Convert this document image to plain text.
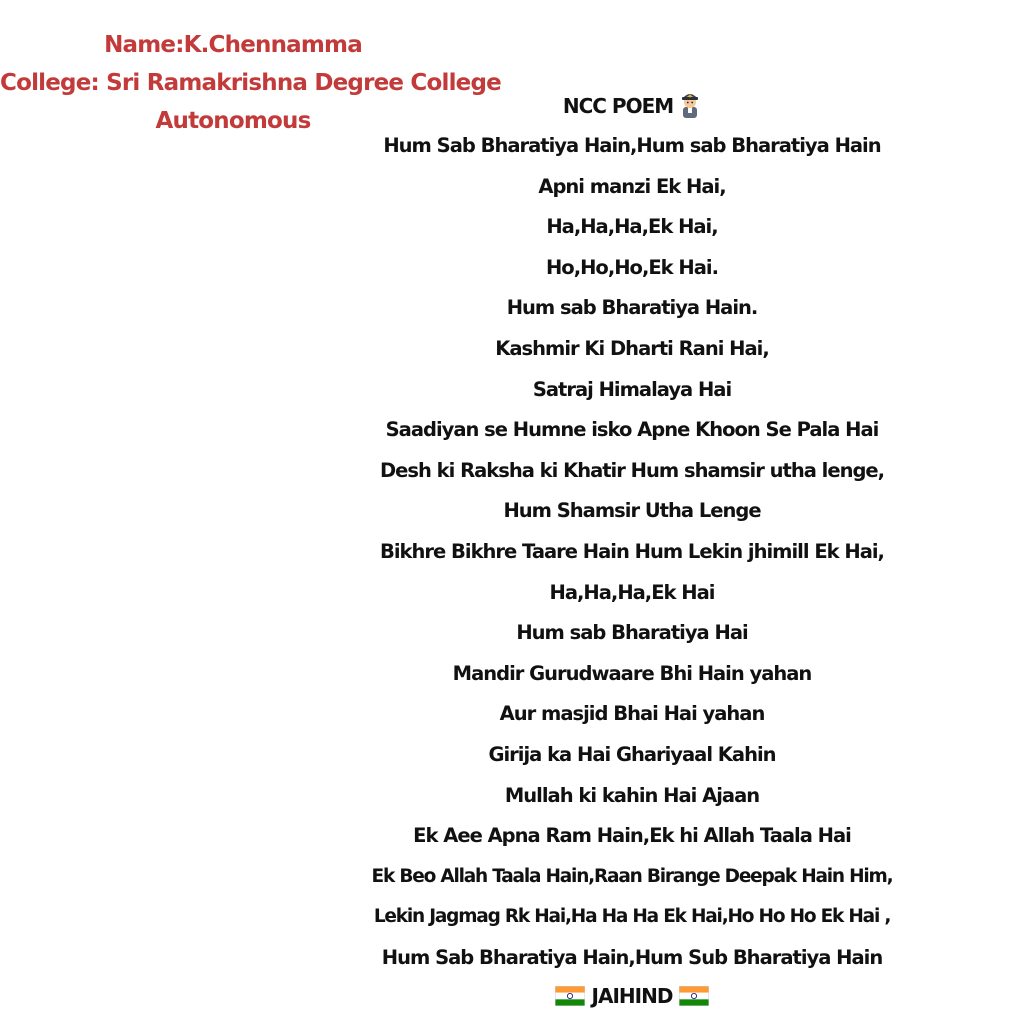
Name:K.Chennamma
College: Sri Ramakrishna Degree College
Autonomous
NCC POEM
Hum Sab Bharatiya Hain,Hum sab Bharatiya Hain
Apni manzi Ek Hai,
Ha,Ha,Ha,Ek Hai,
Ho,Ho,Ho,Ek Hai.
Hum sab Bharatiya Hain.
Kashmir Ki Dharti Rani Hai,
Satraj Himalaya Hai
Saadiyan se Humne isko Apne Khoon Se Pala Hai
Desh ki Raksha ki Khatir Hum shamsir utha lenge,
Hum Shamsir Utha Lenge
Bikhre Bikhre Taare Hain Hum Lekin jhimill Ek Hai,
Ha,Ha,Ha,Ek Hai
Hum sab Bharatiya Hai
Mandir Gurudwaare Bhi Hain yahan
Aur masjid Bhai Hai yahan
Girija ka Hai Ghariyaal Kahin
Mullah ki kahin Hai Ajaan
Ek Aee Apna Ram Hain,Ek hi Allah Taala Hai
Ek Beo Allah Taala Hain,Raan Birange Deepak Hain Him,
Lekin Jagmag Rk Hai,Ha Ha Ha Ek Hai,Ho Ho Ho Ek Hai ,
Hum Sab Bharatiya Hain,Hum Sub Bharatiya Hain
JAIHIND
